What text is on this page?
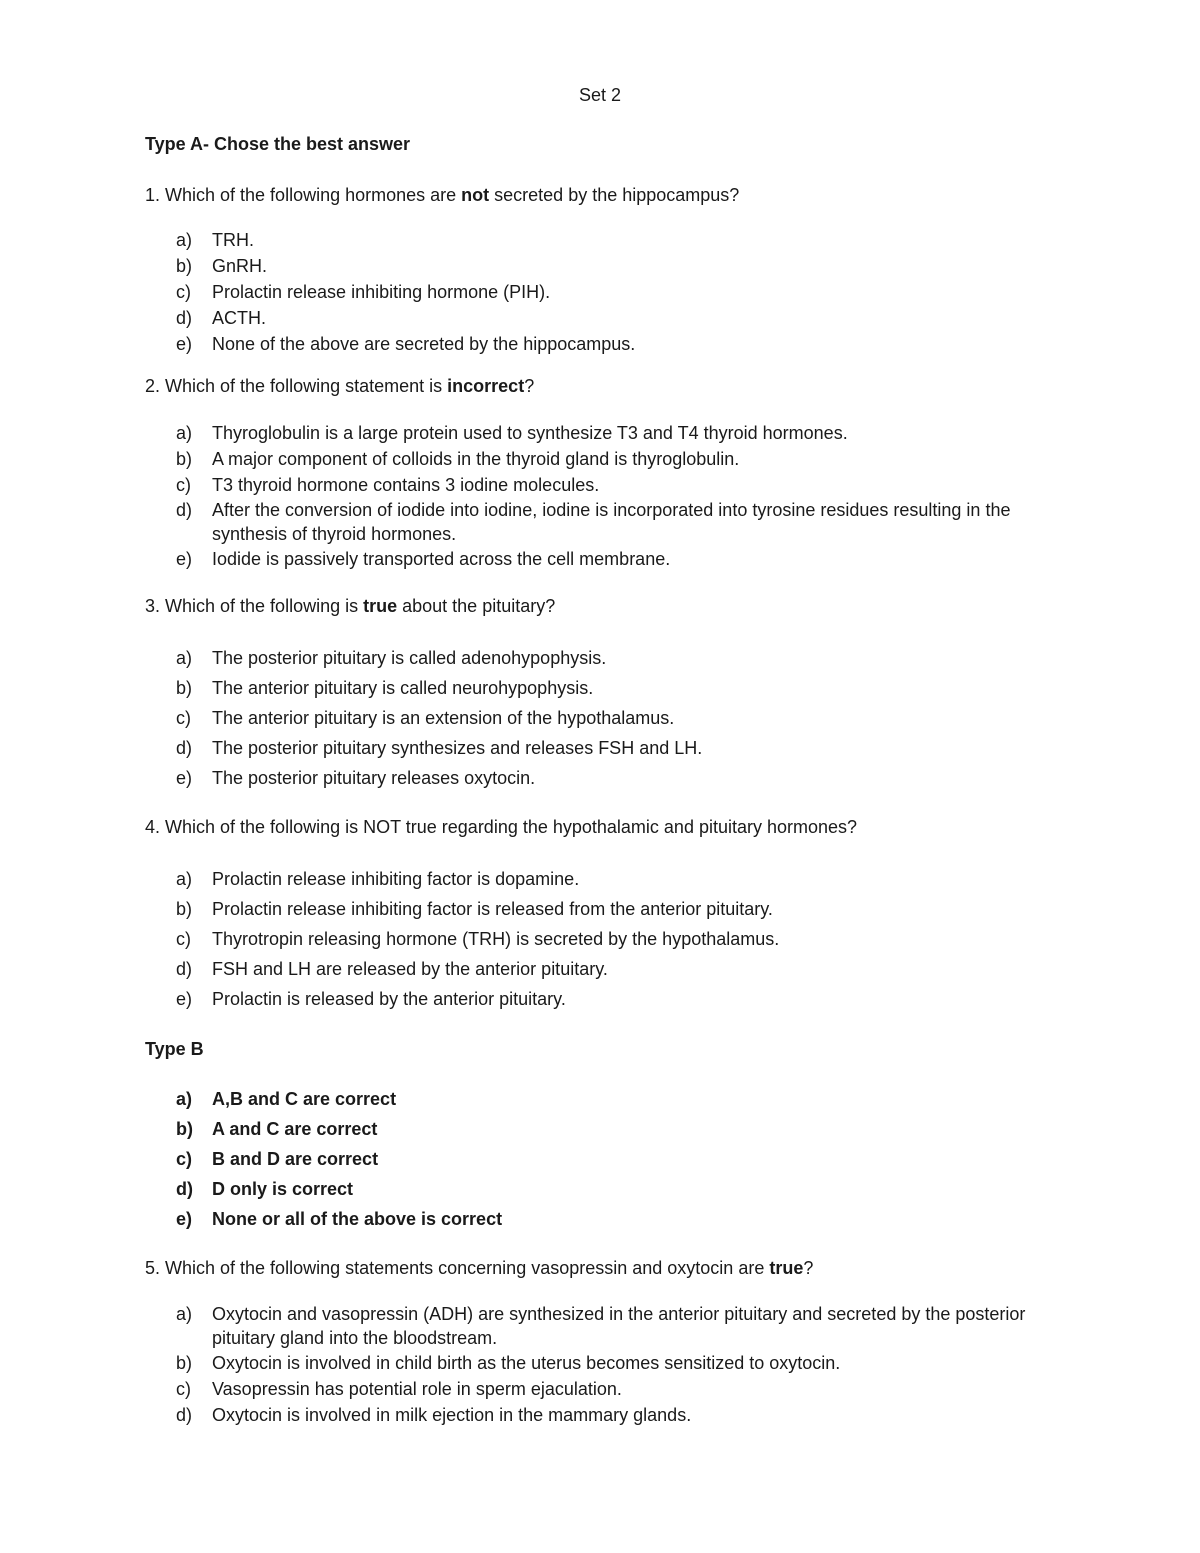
Set 2
Type A- Chose the best answer
1. Which of the following hormones are not secreted by the hippocampus?
a) TRH.
b) GnRH.
c) Prolactin release inhibiting hormone (PIH).
d) ACTH.
e) None of the above are secreted by the hippocampus.
2. Which of the following statement is incorrect?
a) Thyroglobulin is a large protein used to synthesize T3 and T4 thyroid hormones.
b) A major component of colloids in the thyroid gland is thyroglobulin.
c) T3 thyroid hormone contains 3 iodine molecules.
d) After the conversion of iodide into iodine, iodine is incorporated into tyrosine residues resulting in the synthesis of thyroid hormones.
e) Iodide is passively transported across the cell membrane.
3. Which of the following is true about the pituitary?
a) The posterior pituitary is called adenohypophysis.
b) The anterior pituitary is called neurohypophysis.
c) The anterior pituitary is an extension of the hypothalamus.
d) The posterior pituitary synthesizes and releases FSH and LH.
e) The posterior pituitary releases oxytocin.
4. Which of the following is NOT true regarding the hypothalamic and pituitary hormones?
a) Prolactin release inhibiting factor is dopamine.
b) Prolactin release inhibiting factor is released from the anterior pituitary.
c) Thyrotropin releasing hormone (TRH) is secreted by the hypothalamus.
d) FSH and LH are released by the anterior pituitary.
e) Prolactin is released by the anterior pituitary.
Type B
a) A,B and C are correct
b) A and C are correct
c) B and D are correct
d) D only is correct
e) None or all of the above is correct
5. Which of the following statements concerning vasopressin and oxytocin are true?
a) Oxytocin and vasopressin (ADH) are synthesized in the anterior pituitary and secreted by the posterior pituitary gland into the bloodstream.
b) Oxytocin is involved in child birth as the uterus becomes sensitized to oxytocin.
c) Vasopressin has potential role in sperm ejaculation.
d) Oxytocin is involved in milk ejection in the mammary glands.
